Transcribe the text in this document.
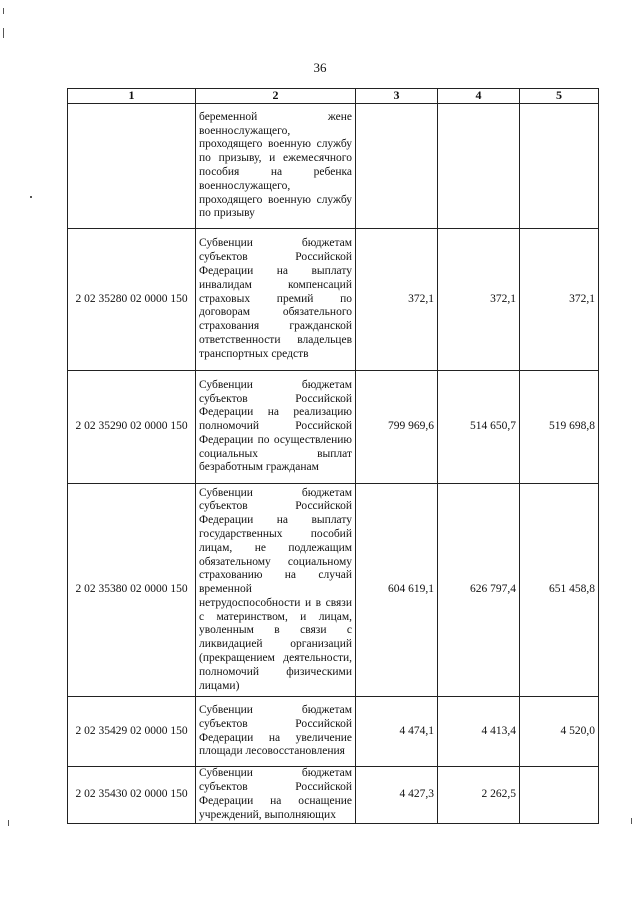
36
1	2	3	4	5

	беременной жене военнослужащего, проходящего военную службу по призыву, и ежемесячного пособия на ребенка военнослужащего, проходящего военную службу по призыву			

2 02 35280 02 0000 150	Субвенции бюджетам субъектов Российской Федерации на выплату инвалидам компенсаций страховых премий по договорам обязательного страхования гражданской ответственности владельцев транспортных средств	372,1	372,1	372,1
2 02 35290 02 0000 150	Субвенции бюджетам субъектов Российской Федерации на реализацию полномочий Российской Федерации по осуществлению социальных выплат безработным гражданам	799 969,6	514 650,7	519 698,8
2 02 35380 02 0000 150	Субвенции бюджетам субъектов Российской Федерации на выплату государственных пособий лицам, не подлежащим обязательному социальному страхованию на случай временной нетрудоспособности и в связи с материнством, и лицам, уволенным в связи с ликвидацией организаций (прекращением деятельности, полномочий физическими лицами)	604 619,1	626 797,4	651 458,8
2 02 35429 02 0000 150	Субвенции бюджетам субъектов Российской Федерации на увеличение площади лесовосстановления	4 474,1	4 413,4	4 520,0
2 02 35430 02 0000 150	Субвенции бюджетам субъектов Российской Федерации на оснащение учреждений, выполняющих	4 427,3	2 262,5	
